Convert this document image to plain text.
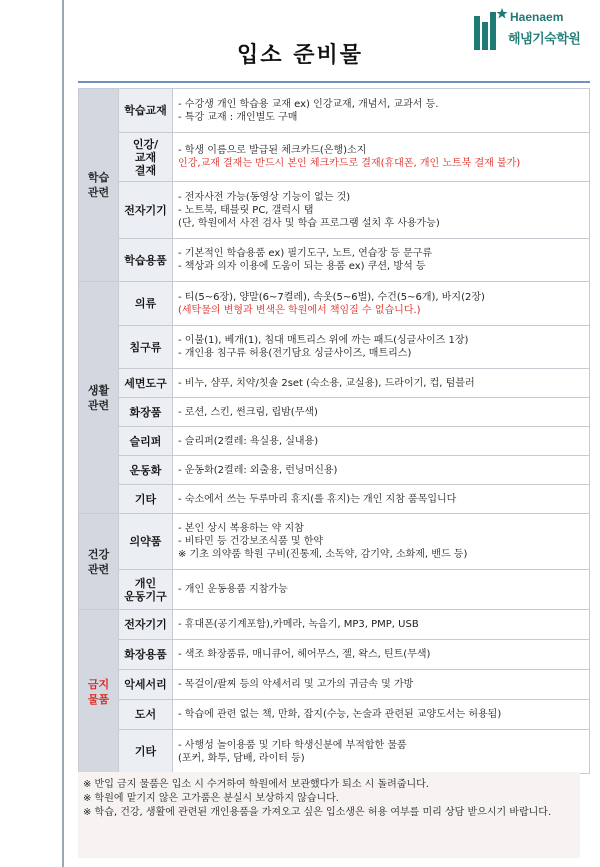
Haenaem
해냄기숙학원
입소 준비물
학습
관련	학습교재	- 수강생 개인 학습용 교재 ex) 인강교재, 개념서, 교과서 등.
- 특강 교재 : 개인별도 구매

	인강/
교재
결재	- 학생 이름으로 발급된 체크카드(은행)소지
인강,교재 결재는 반드시 본인 체크카드로 결재(휴대폰, 개인 노트북 결재 불가)

	전자기기	- 전자사전 가능(동영상 기능이 없는 것)
- 노트북, 태블릿 PC, 갤럭시 탭
(단, 학원에서 사전 검사 및 학습 프로그램 설치 후 사용가능)

	학습용품	- 기본적인 학습용품 ex) 필기도구, 노트, 연습장 등 문구류
- 책상과 의자 이용에 도움이 되는 용품 ex) 쿠션, 방석 등

생활
관련	의류	- 티(5~6장), 양말(6~7켤레), 속옷(5~6벌), 수건(5~6개), 바지(2장)
(세탁물의 변형과 변색은 학원에서 책임질 수 없습니다.)

	침구류	- 이불(1), 베개(1), 침대 매트리스 위에 까는 패드(싱글사이즈 1장)
- 개인용 침구류 허용(전기담요 싱글사이즈, 매트리스)

	세면도구	- 비누, 샴푸, 치약/칫솔 2set (숙소용, 교실용), 드라이기, 컵, 텀블러

	화장품	- 로션, 스킨, 썬크림, 립밤(무색)

	슬리퍼	- 슬리퍼(2켤레: 욕실용, 실내용)

	운동화	- 운동화(2켤레: 외출용, 런닝머신용)

	기타	- 숙소에서 쓰는 두루마리 휴지(롤 휴지)는 개인 지참 품목입니다

건강
관련	의약품	- 본인 상시 복용하는 약 지참
- 비타민 등 건강보조식품 및 한약
※ 기초 의약품 학원 구비(진통제, 소독약, 감기약, 소화제, 밴드 등)

	개인
운동기구	- 개인 운동용품 지참가능

금지
물품	전자기기	- 휴대폰(공기계포함),카메라, 녹음기, MP3, PMP, USB

	화장용품	- 색조 화장품류, 매니큐어, 헤어무스, 젤, 왁스, 틴트(무색)

	악세서리	- 목걸이/팔찌 등의 악세서리 및 고가의 귀금속 및 가방

	도서	- 학습에 관련 없는 책, 만화, 잡지(수능, 논술과 관련된 교양도서는 허용됨)

	기타	- 사행성 놀이용품 및 기타 학생신분에 부적합한 물품
(포커, 화투, 담배, 라이터 등)
※ 반입 금지 물품은 입소 시 수거하여 학원에서 보관했다가 퇴소 시 돌려줍니다.
※ 학원에 맡기지 않은 고가품은 분실시 보상하지 않습니다.
※ 학습, 건강, 생활에 관련된 개인용품을 가져오고 싶은 입소생은 허용 여부를 미리 상담 받으시기 바랍니다.
